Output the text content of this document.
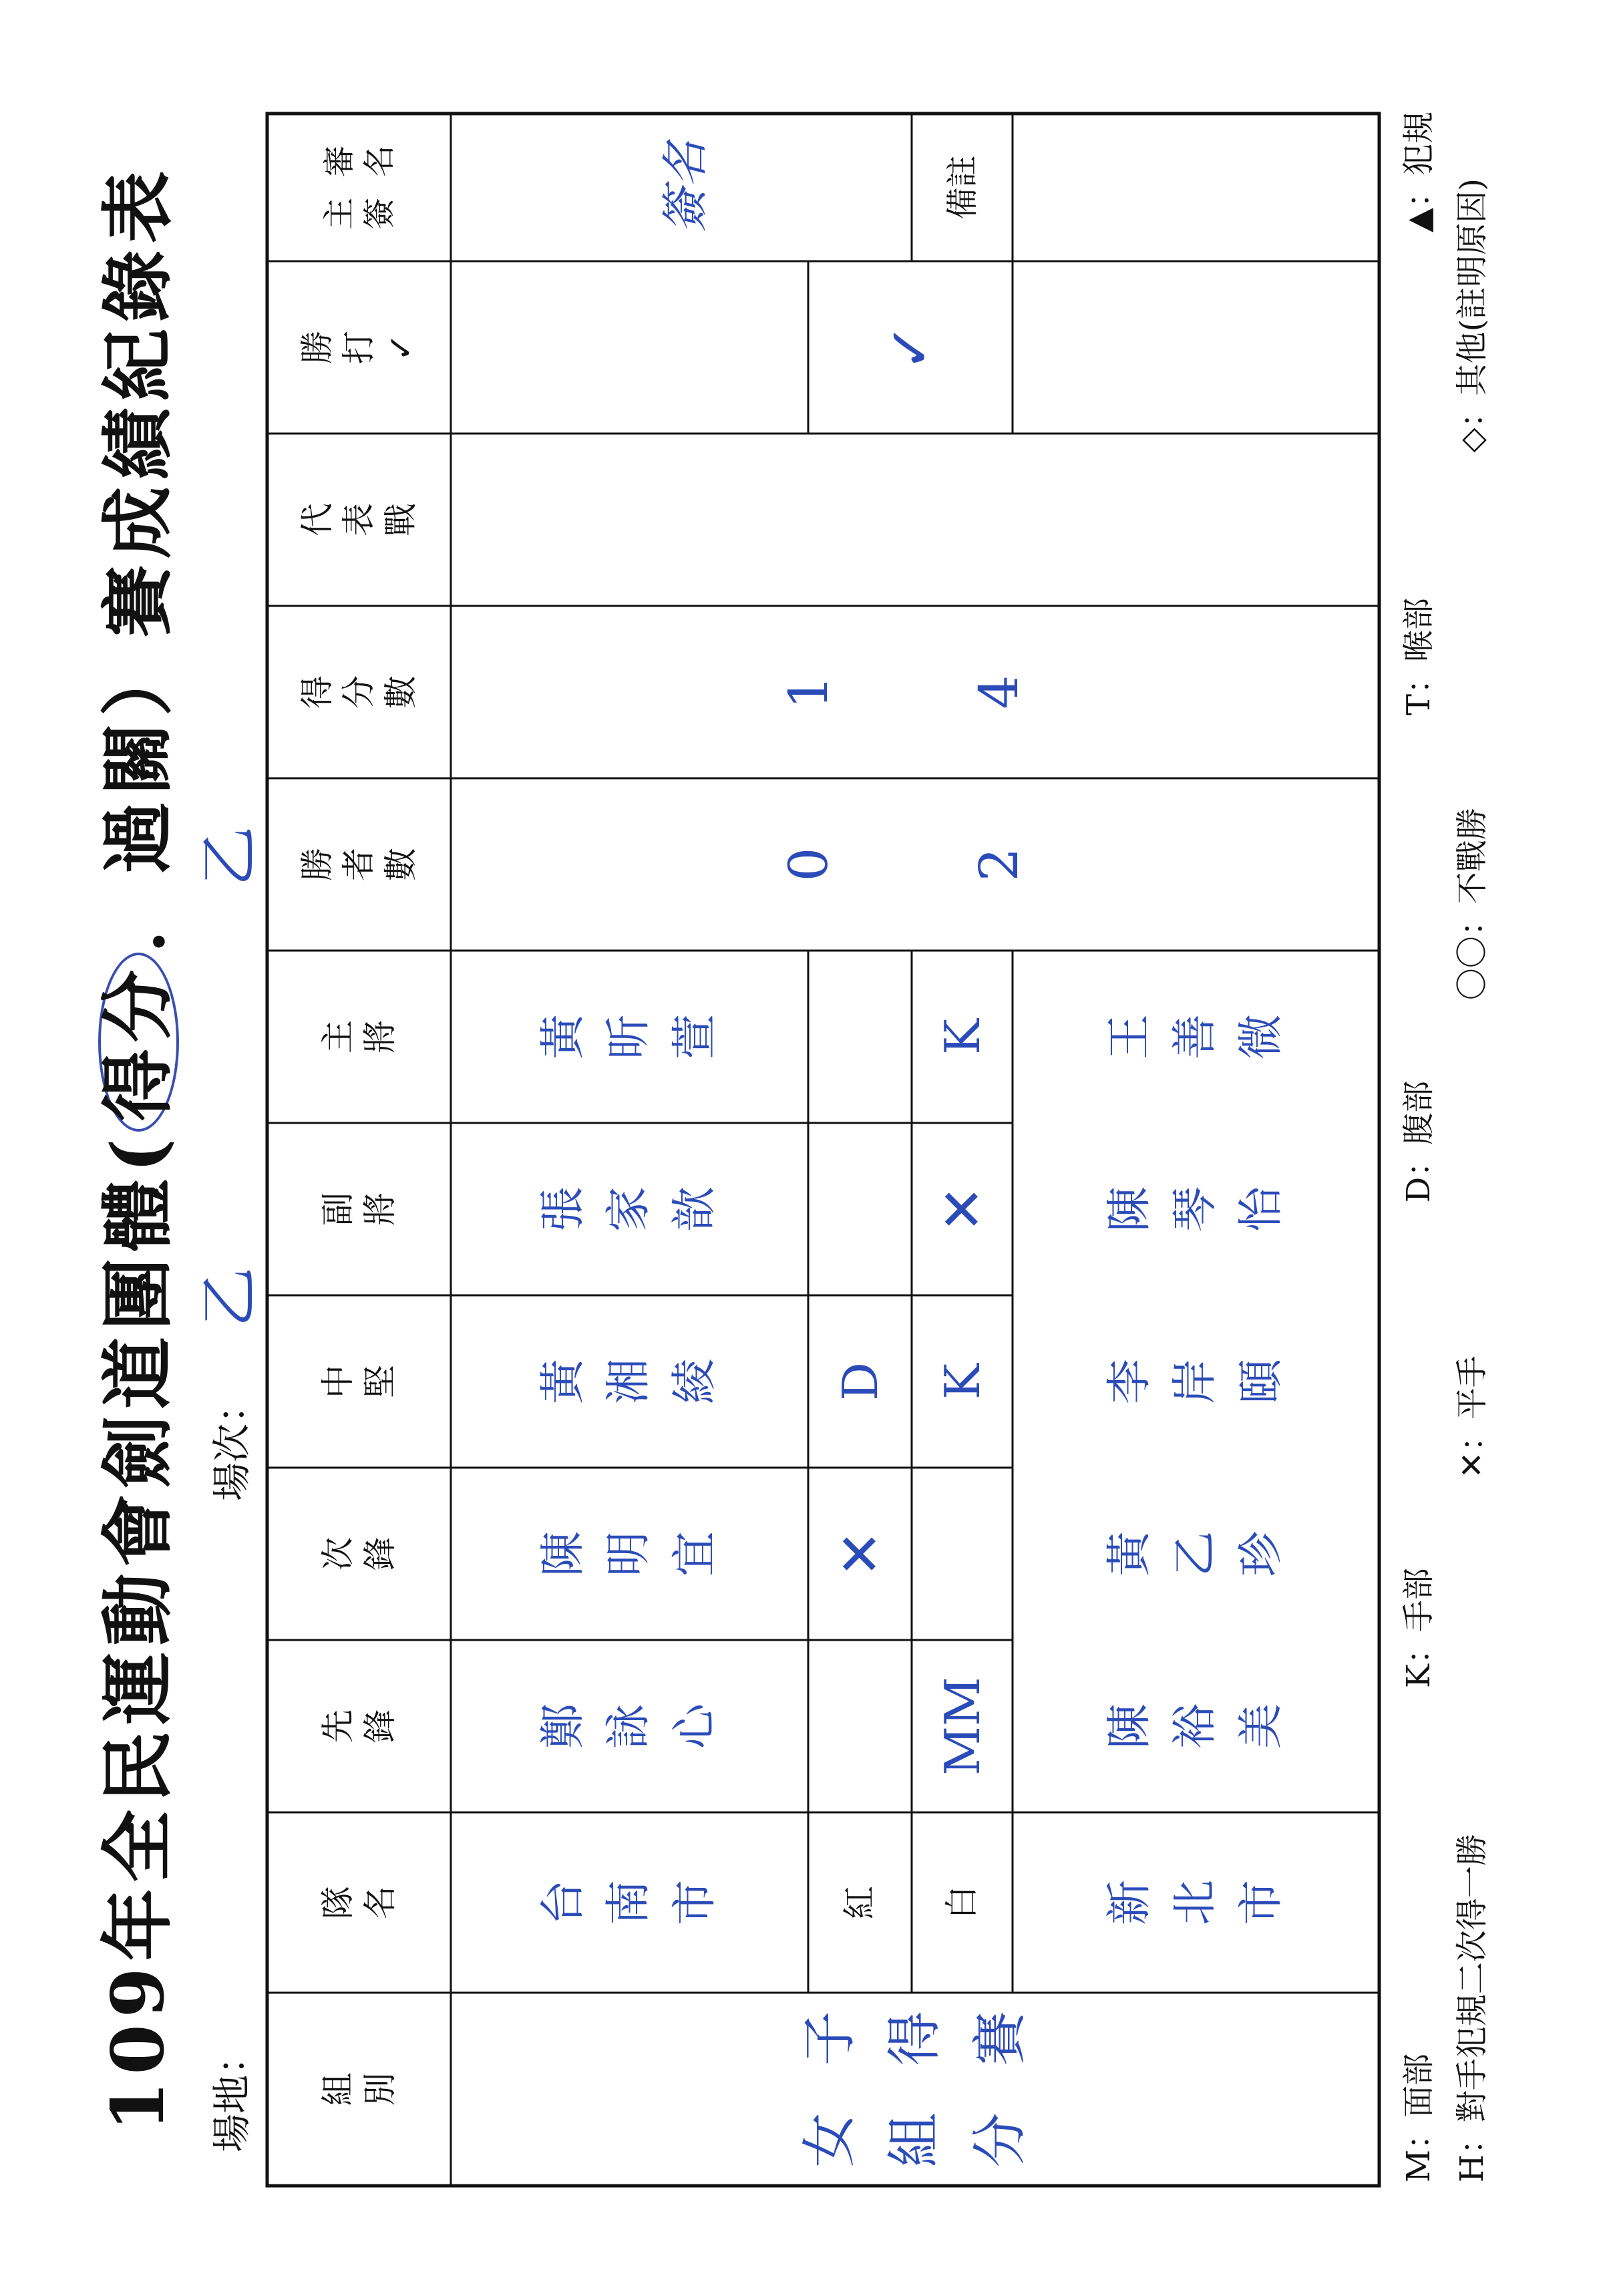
109年全民運動會劍道團體(得分．過關）賽成績紀錄表
場地：
乙
場次：
乙
組 別
隊 名
先 鋒
次 鋒
中 堅
副 將
主 將
勝 者 數
得 分 數
代 表 戰
勝 打 ✓
主  審
簽  名
女
子
組
得
分
賽
台 南 市	紅
鄭 詠 心
陳 明 宜
黃 湘 綾
張 家 歆
黃 昕 萱
✕
D
白
MM
K
✕
K
新 北 市
陳 裕 美
黃 乙 珍
李 岸 頤
陳 琴 怡
王 善 微
0
1
2
4
✓
簽名	備註
M：面部
K：手部
D：腹部
T：喉部
▲：犯規
H：對手犯規二次得一勝
✕：平手
〇〇：不戰勝
◇：其他(註明原因)
